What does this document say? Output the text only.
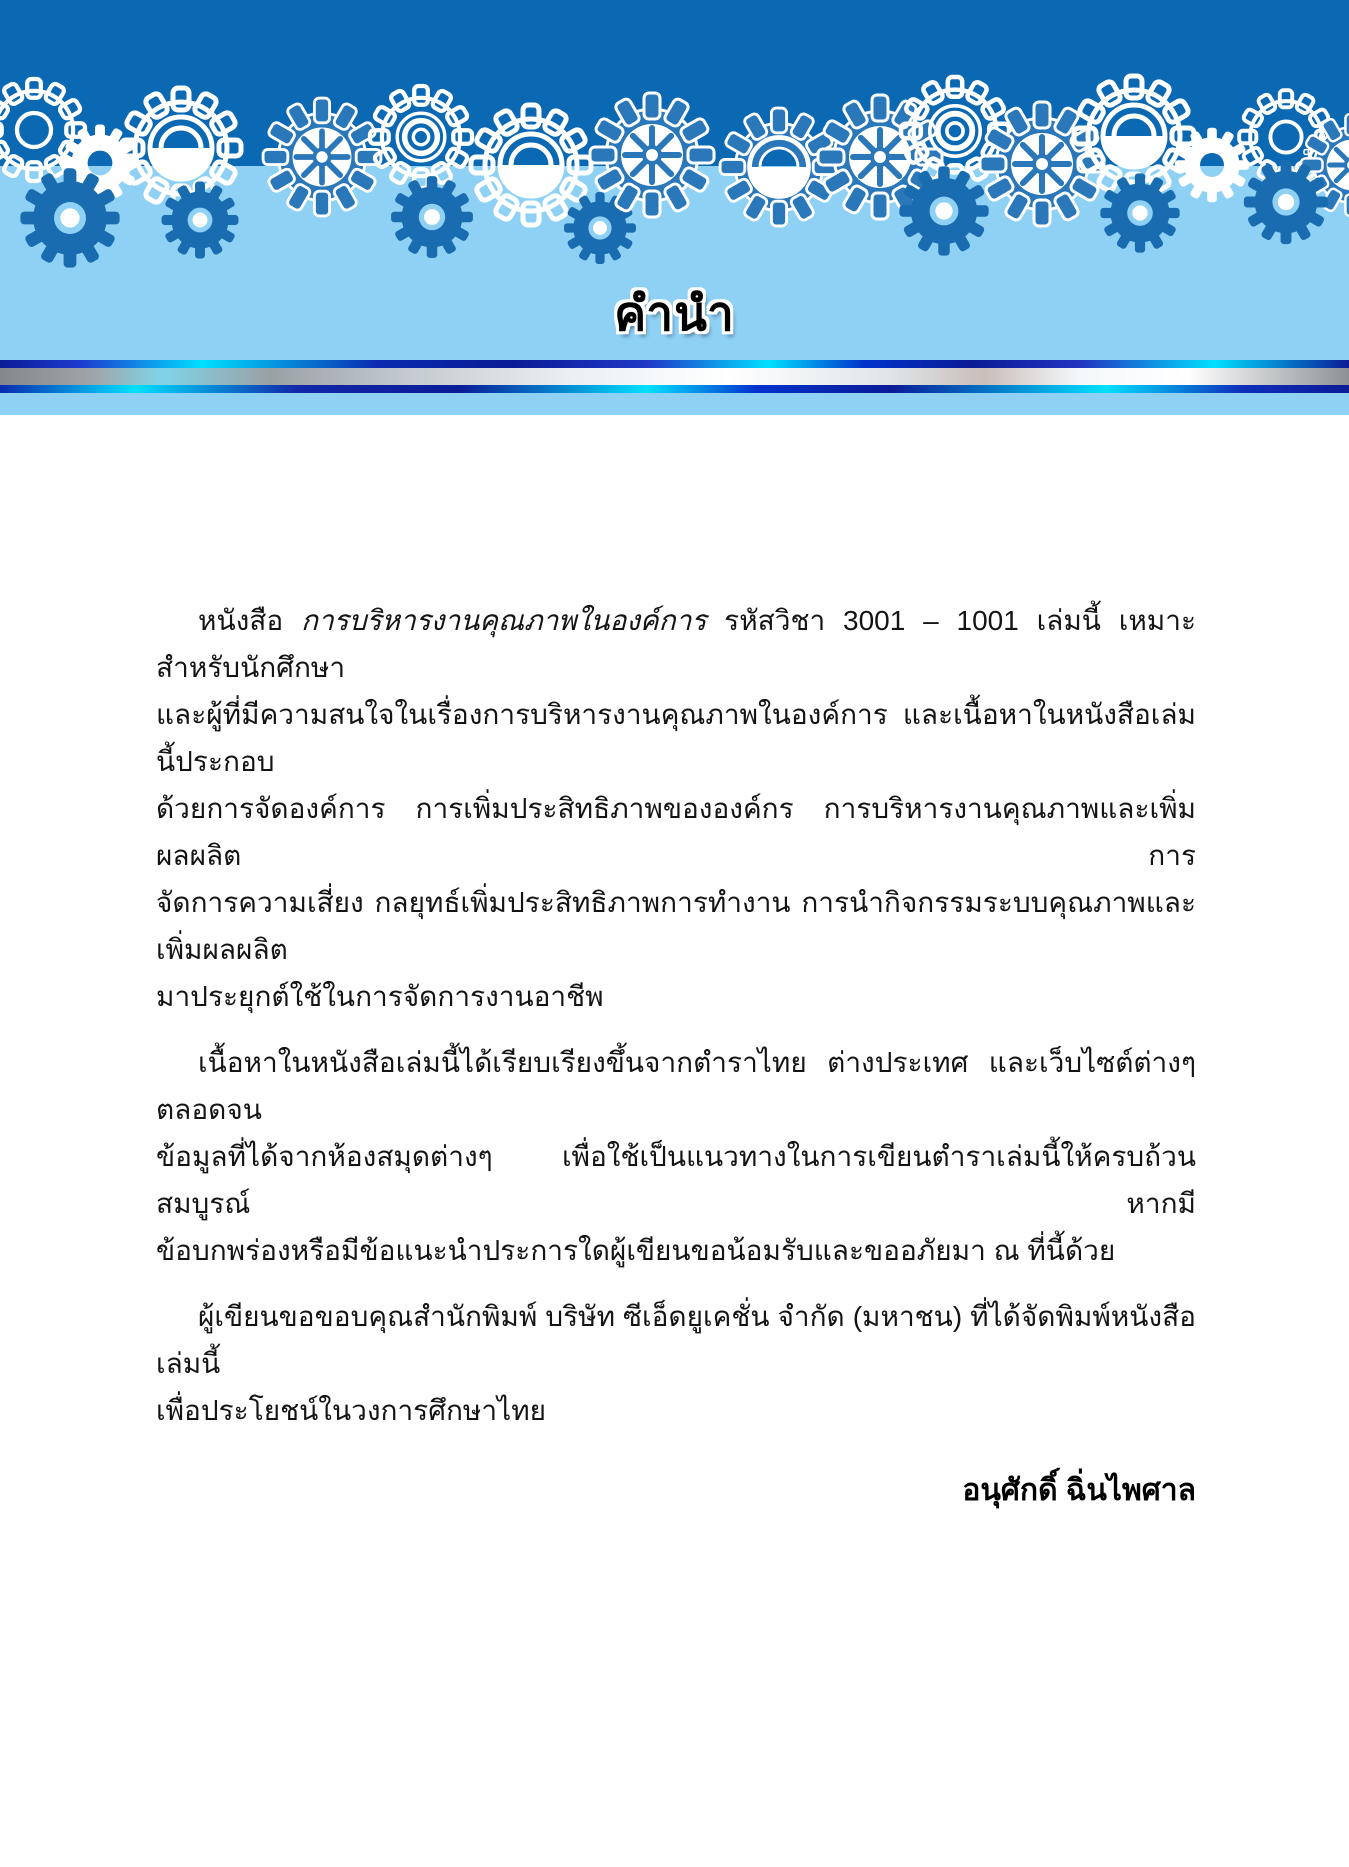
คำนำ
หนังสือ การบริหารงานคุณภาพในองค์การ รหัสวิชา 3001 – 1001 เล่มนี้ เหมาะสำหรับนักศึกษา
และผู้ที่มีความสนใจในเรื่องการบริหารงานคุณภาพในองค์การ และเนื้อหาในหนังสือเล่มนี้ประกอบ
ด้วยการจัดองค์การ การเพิ่มประสิทธิภาพขององค์กร การบริหารงานคุณภาพและเพิ่มผลผลิต การ
จัดการความเสี่ยง กลยุทธ์เพิ่มประสิทธิภาพการทำงาน การนำกิจกรรมระบบคุณภาพและเพิ่มผลผลิต
มาประยุกต์ใช้ในการจัดการงานอาชีพ
เนื้อหาในหนังสือเล่มนี้ได้เรียบเรียงขึ้นจากตำราไทย ต่างประเทศ และเว็บไซต์ต่างๆ ตลอดจน
ข้อมูลที่ได้จากห้องสมุดต่างๆ เพื่อใช้เป็นแนวทางในการเขียนตำราเล่มนี้ให้ครบถ้วนสมบูรณ์ หากมี
ข้อบกพร่องหรือมีข้อแนะนำประการใดผู้เขียนขอน้อมรับและขออภัยมา ณ ที่นี้ด้วย
ผู้เขียนขอขอบคุณสำนักพิมพ์ บริษัท ซีเอ็ดยูเคชั่น จำกัด (มหาชน) ที่ได้จัดพิมพ์หนังสือเล่มนี้
เพื่อประโยชน์ในวงการศึกษาไทย
อนุศักดิ์ ฉิ่นไพศาล
